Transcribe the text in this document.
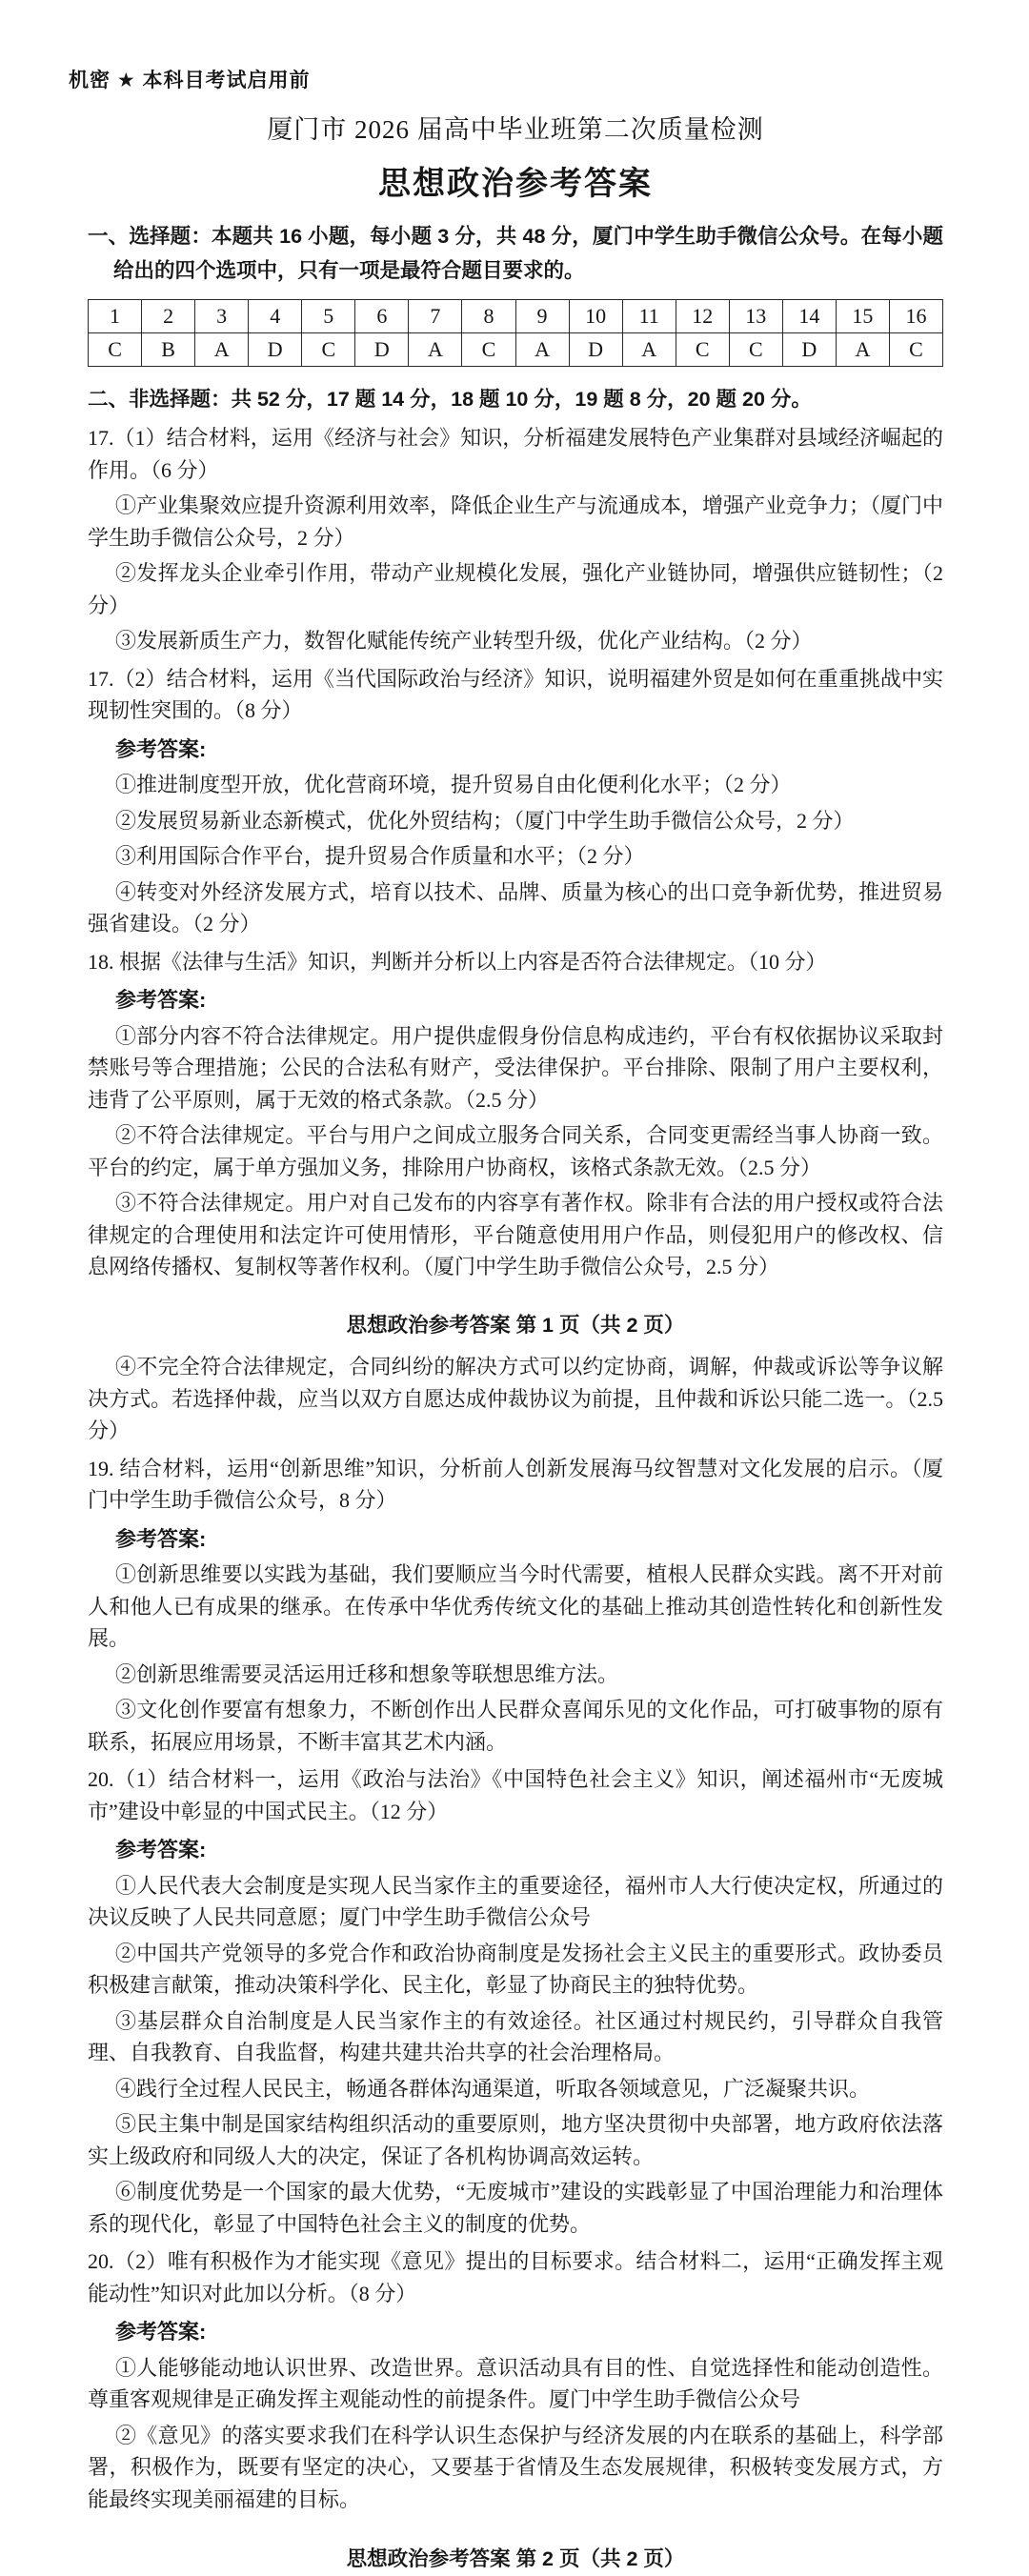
机密 ★ 本科目考试启用前
厦门市 2026 届高中毕业班第二次质量检测
思想政治参考答案
一、选择题：本题共 16 小题，每小题 3 分，共 48 分，厦门中学生助手微信公众号。在每小题给出的四个选项中，只有一项是最符合题目要求的。
1	2	3	4	5	6	7	8	9	10	11	12	13	14	15	16
C	B	A	D	C	D	A	C	A	D	A	C	C	D	A	C
二、非选择题：共 52 分，17 题 14 分，18 题 10 分，19 题 8 分，20 题 20 分。

17.（1）结合材料，运用《经济与社会》知识，分析福建发展特色产业集群对县域经济崛起的作用。（6 分）

①产业集聚效应提升资源利用效率，降低企业生产与流通成本，增强产业竞争力；（厦门中学生助手微信公众号，2 分）

②发挥龙头企业牵引作用，带动产业规模化发展，强化产业链协同，增强供应链韧性；（2 分）

③发展新质生产力，数智化赋能传统产业转型升级，优化产业结构。（2 分）

17.（2）结合材料，运用《当代国际政治与经济》知识，说明福建外贸是如何在重重挑战中实现韧性突围的。（8 分）

参考答案:

①推进制度型开放，优化营商环境，提升贸易自由化便利化水平；（2 分）

②发展贸易新业态新模式，优化外贸结构；（厦门中学生助手微信公众号，2 分）

③利用国际合作平台，提升贸易合作质量和水平；（2 分）

④转变对外经济发展方式，培育以技术、品牌、质量为核心的出口竞争新优势，推进贸易强省建设。（2 分）

18. 根据《法律与生活》知识，判断并分析以上内容是否符合法律规定。（10 分）

参考答案:

①部分内容不符合法律规定。用户提供虚假身份信息构成违约，平台有权依据协议采取封禁账号等合理措施；公民的合法私有财产，受法律保护。平台排除、限制了用户主要权利，违背了公平原则，属于无效的格式条款。（2.5 分）

②不符合法律规定。平台与用户之间成立服务合同关系，合同变更需经当事人协商一致。平台的约定，属于单方强加义务，排除用户协商权，该格式条款无效。（2.5 分）

③不符合法律规定。用户对自己发布的内容享有著作权。除非有合法的用户授权或符合法律规定的合理使用和法定许可使用情形，平台随意使用用户作品，则侵犯用户的修改权、信息网络传播权、复制权等著作权利。（厦门中学生助手微信公众号，2.5 分）

思想政治参考答案 第 1 页（共 2 页）

④不完全符合法律规定，合同纠纷的解决方式可以约定协商，调解，仲裁或诉讼等争议解决方式。若选择仲裁，应当以双方自愿达成仲裁协议为前提，且仲裁和诉讼只能二选一。（2.5 分）

19. 结合材料，运用“创新思维”知识，分析前人创新发展海马纹智慧对文化发展的启示。（厦门中学生助手微信公众号，8 分）

参考答案:

①创新思维要以实践为基础，我们要顺应当今时代需要，植根人民群众实践。离不开对前人和他人已有成果的继承。在传承中华优秀传统文化的基础上推动其创造性转化和创新性发展。

②创新思维需要灵活运用迁移和想象等联想思维方法。

③文化创作要富有想象力，不断创作出人民群众喜闻乐见的文化作品，可打破事物的原有联系，拓展应用场景，不断丰富其艺术内涵。

20.（1）结合材料一，运用《政治与法治》《中国特色社会主义》知识，阐述福州市“无废城市”建设中彰显的中国式民主。（12 分）

参考答案:

①人民代表大会制度是实现人民当家作主的重要途径，福州市人大行使决定权，所通过的决议反映了人民共同意愿；厦门中学生助手微信公众号

②中国共产党领导的多党合作和政治协商制度是发扬社会主义民主的重要形式。政协委员积极建言献策，推动决策科学化、民主化，彰显了协商民主的独特优势。

③基层群众自治制度是人民当家作主的有效途径。社区通过村规民约，引导群众自我管理、自我教育、自我监督，构建共建共治共享的社会治理格局。

④践行全过程人民民主，畅通各群体沟通渠道，听取各领域意见，广泛凝聚共识。

⑤民主集中制是国家结构组织活动的重要原则，地方坚决贯彻中央部署，地方政府依法落实上级政府和同级人大的决定，保证了各机构协调高效运转。

⑥制度优势是一个国家的最大优势，“无废城市”建设的实践彰显了中国治理能力和治理体系的现代化，彰显了中国特色社会主义的制度的优势。

20.（2）唯有积极作为才能实现《意见》提出的目标要求。结合材料二，运用“正确发挥主观能动性”知识对此加以分析。（8 分）

参考答案:

①人能够能动地认识世界、改造世界。意识活动具有目的性、自觉选择性和能动创造性。尊重客观规律是正确发挥主观能动性的前提条件。厦门中学生助手微信公众号

②《意见》的落实要求我们在科学认识生态保护与经济发展的内在联系的基础上，科学部署，积极作为，既要有坚定的决心，又要基于省情及生态发展规律，积极转变发展方式，方能最终实现美丽福建的目标。

思想政治参考答案 第 2 页（共 2 页）
